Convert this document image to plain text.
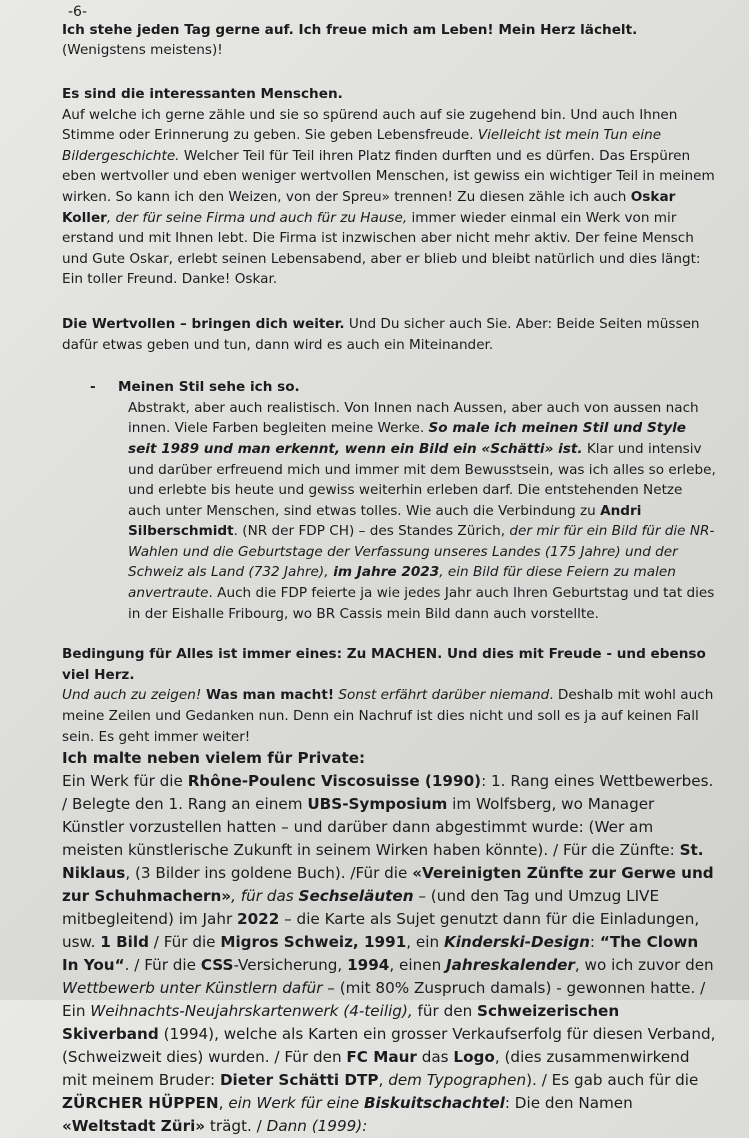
-6-

Ich stehe jeden Tag gerne auf. Ich freue mich am Leben! Mein Herz lächelt. (Wenigstens meistens)!

Es sind die interessanten Menschen.

Auf welche ich gerne zähle und sie so spürend auch auf sie zugehend bin. Und auch Ihnen Stimme oder Erinnerung zu geben. Sie geben Lebensfreude. Vielleicht ist mein Tun eine Bildergeschichte. Welcher Teil für Teil ihren Platz finden durften und es dürfen. Das Erspüren eben wertvoller und eben weniger wertvollen Menschen, ist gewiss ein wichtiger Teil in meinem wirken. So kann ich den Weizen, von der Spreu» trennen! Zu diesen zähle ich auch Oskar Koller, der für seine Firma und auch für zu Hause, immer wieder einmal ein Werk von mir erstand und mit Ihnen lebt. Die Firma ist inzwischen aber nicht mehr aktiv. Der feine Mensch und Gute Oskar, erlebt seinen Lebensabend, aber er blieb und bleibt natürlich und dies längt: Ein toller Freund. Danke! Oskar.

Die Wertvollen – bringen dich weiter. Und Du sicher auch Sie. Aber: Beide Seiten müssen dafür etwas geben und tun, dann wird es auch ein Miteinander.

- Meinen Stil sehe ich so.

Abstrakt, aber auch realistisch. Von Innen nach Aussen, aber auch von aussen nach innen. Viele Farben begleiten meine Werke. So male ich meinen Stil und Style seit 1989 und man erkennt, wenn ein Bild ein «Schätti» ist. Klar und intensiv und darüber erfreuend mich und immer mit dem Bewusstsein, was ich alles so erlebe, und erlebte bis heute und gewiss weiterhin erleben darf. Die entstehenden Netze auch unter Menschen, sind etwas tolles. Wie auch die Verbindung zu Andri Silberschmidt. (NR der FDP CH) – des Standes Zürich, der mir für ein Bild für die NR-Wahlen und die Geburtstage der Verfassung unseres Landes (175 Jahre) und der Schweiz als Land (732 Jahre), im Jahre 2023, ein Bild für diese Feiern zu malen anvertraute. Auch die FDP feierte ja wie jedes Jahr auch Ihren Geburtstag und tat dies in der Eishalle Fribourg, wo BR Cassis mein Bild dann auch vorstellte.

Bedingung für Alles ist immer eines: Zu MACHEN. Und dies mit Freude - und ebenso viel Herz.

Und auch zu zeigen! Was man macht! Sonst erfährt darüber niemand. Deshalb mit wohl auch meine Zeilen und Gedanken nun. Denn ein Nachruf ist dies nicht und soll es ja auf keinen Fall sein. Es geht immer weiter!

Ich malte neben vielem für Private:

Ein Werk für die Rhône-Poulenc Viscosuisse (1990): 1. Rang eines Wettbewerbes. / Belegte den 1. Rang an einem UBS-Symposium im Wolfsberg, wo Manager Künstler vorzustellen hatten – und darüber dann abgestimmt wurde: (Wer am meisten künstlerische Zukunft in seinem Wirken haben könnte). / Für die Zünfte: St. Niklaus, (3 Bilder ins goldene Buch). /Für die «Vereinigten Zünfte zur Gerwe und zur Schuhmachern», für das Sechseläuten – (und den Tag und Umzug LIVE mitbegleitend) im Jahr 2022 – die Karte als Sujet genutzt dann für die Einladungen, usw. 1 Bild / Für die Migros Schweiz, 1991, ein Kinderski-Design: “The Clown In You“. / Für die CSS-Versicherung, 1994, einen Jahreskalender, wo ich zuvor den Wettbewerb unter Künstlern dafür – (mit 80% Zuspruch damals) - gewonnen hatte. / Ein Weihnachts-Neujahrskartenwerk (4-teilig), für den Schweizerischen Skiverband (1994), welche als Karten ein grosser Verkaufserfolg für diesen Verband, (Schweizweit dies) wurden. / Für den FC Maur das Logo, (dies zusammenwirkend mit meinem Bruder: Dieter Schätti DTP, dem Typographen). / Es gab auch für die ZÜRCHER HÜPPEN, ein Werk für eine Biskuitschachtel: Die den Namen «Weltstadt Züri» trägt. / Dann (1999):
